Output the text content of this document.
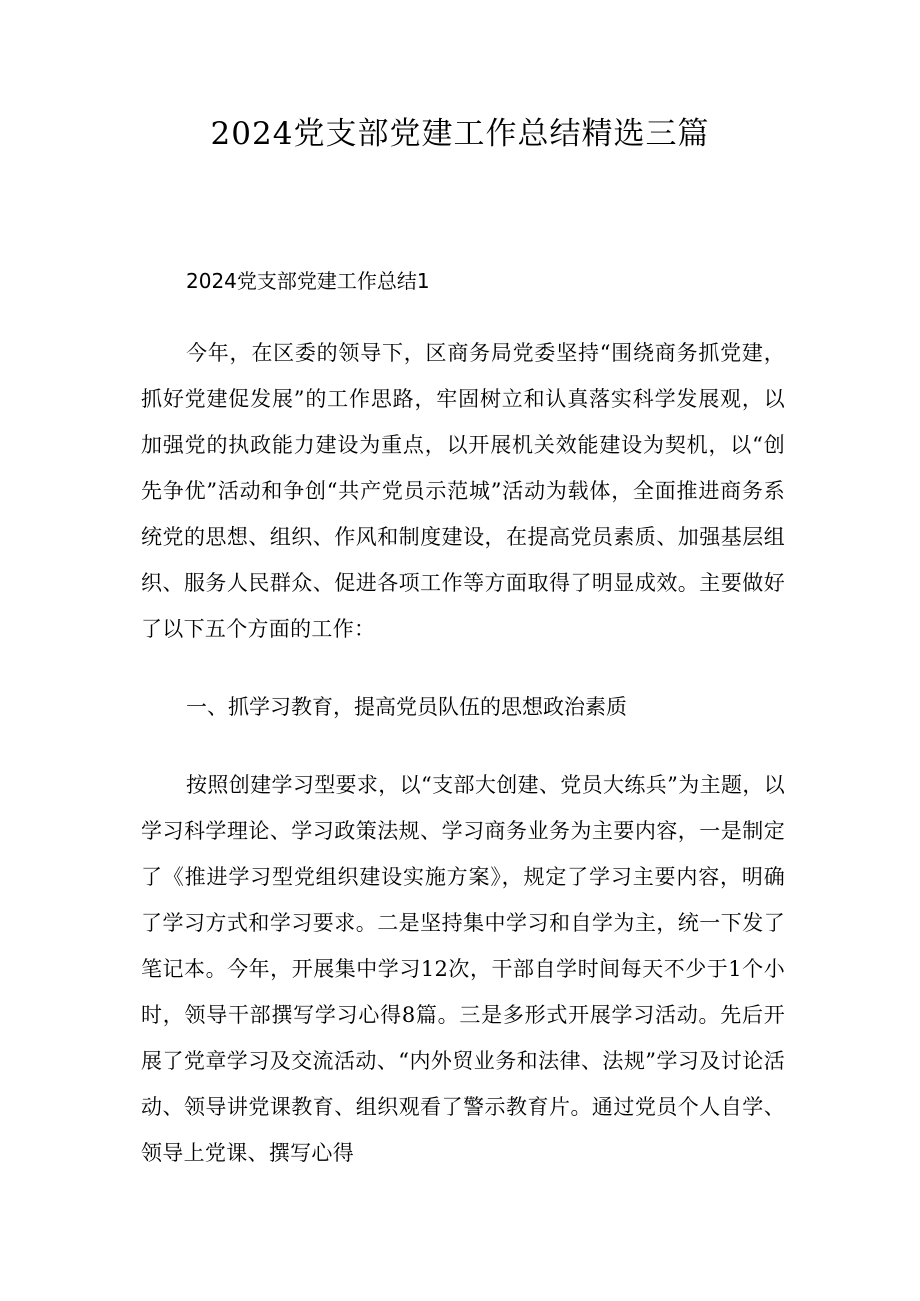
2024党支部党建工作总结精选三篇
2024党支部党建工作总结1

今年，在区委的领导下，区商务局党委坚持“围绕商务抓党建，抓好党建促发展”的工作思路，牢固树立和认真落实科学发展观，以加强党的执政能力建设为重点，以开展机关效能建设为契机，以“创先争优”活动和争创“共产党员示范城”活动为载体，全面推进商务系统党的思想、组织、作风和制度建设，在提高党员素质、加强基层组织、服务人民群众、促进各项工作等方面取得了明显成效。主要做好了以下五个方面的工作：

一、抓学习教育，提高党员队伍的思想政治素质

按照创建学习型要求，以“支部大创建、党员大练兵”为主题，以学习科学理论、学习政策法规、学习商务业务为主要内容，一是制定了《推进学习型党组织建设实施方案》，规定了学习主要内容，明确了学习方式和学习要求。二是坚持集中学习和自学为主，统一下发了笔记本。今年，开展集中学习12次，干部自学时间每天不少于1个小时，领导干部撰写学习心得8篇。三是多形式开展学习活动。先后开展了党章学习及交流活动、“内外贸业务和法律、法规”学习及讨论活动、领导讲党课教育、组织观看了警示教育片。通过党员个人自学、领导上党课、撰写心得
